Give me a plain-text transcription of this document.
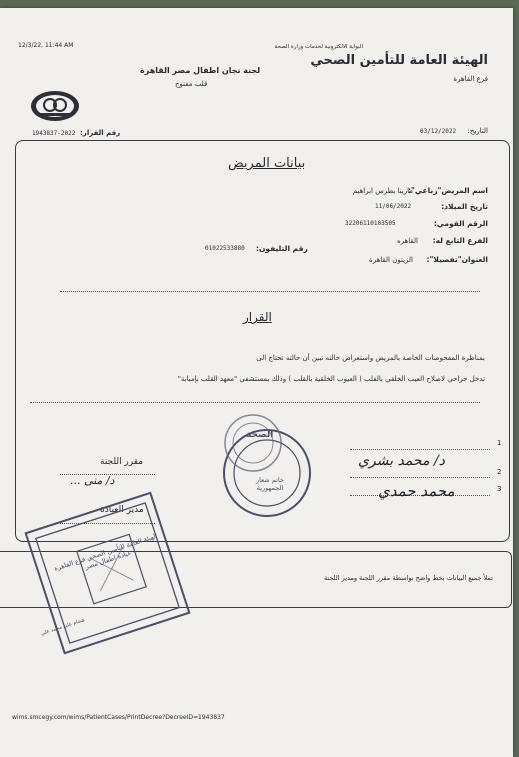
12/3/22, 11:44 AM	البوابة الالكترونية لخدمات وزارة الصحة
الهيئة العامة للتأمين الصحي
فرع القاهرة
لجنة نجان اطفال مصر القاهرة
قلب مفتوح
التاريخ:
03/12/2022
رقم القرار:
1943837-2022
بيانات المريض
اسم المريض"رباعي":
مارينا بطرس ابراهيم
تاريخ الميلاد:
11/06/2022
الرقم القومي:
32206110103505
الفرع التابع له:
القاهره
رقم التليفون:
01022533880
العنوان"تفصيلا":
الزيتون القاهرة
القرار
بمناظرة المفحوصات الخاصة بالمريض واستعراض حالته تبين أن حالته تحتاج الى
تدخل جراحي لاصلاح العيب الخلقي بالقلب ( العيوب الخلقية بالقلب ) وذلك بمستشفى "معهد القلب بإمبابة"
مقرر اللجنة
د/ منى ...
مدير العيادة
1
2
3
د/ محمد بشري
محمد حمدي
الصحة
خاتم شعار الجمهورية
تملأ جميع البيانات بخط واضح بواسطة مقرر اللجنة ومدير اللجنة
الهيئة العامة للتأمين الصحي فرع القاهرة عيادة اطفال مصر
هشام علي محمد علي
wims.smcegy.com/wims/PatientCases/PrintDecree?DecreeID=1943837
